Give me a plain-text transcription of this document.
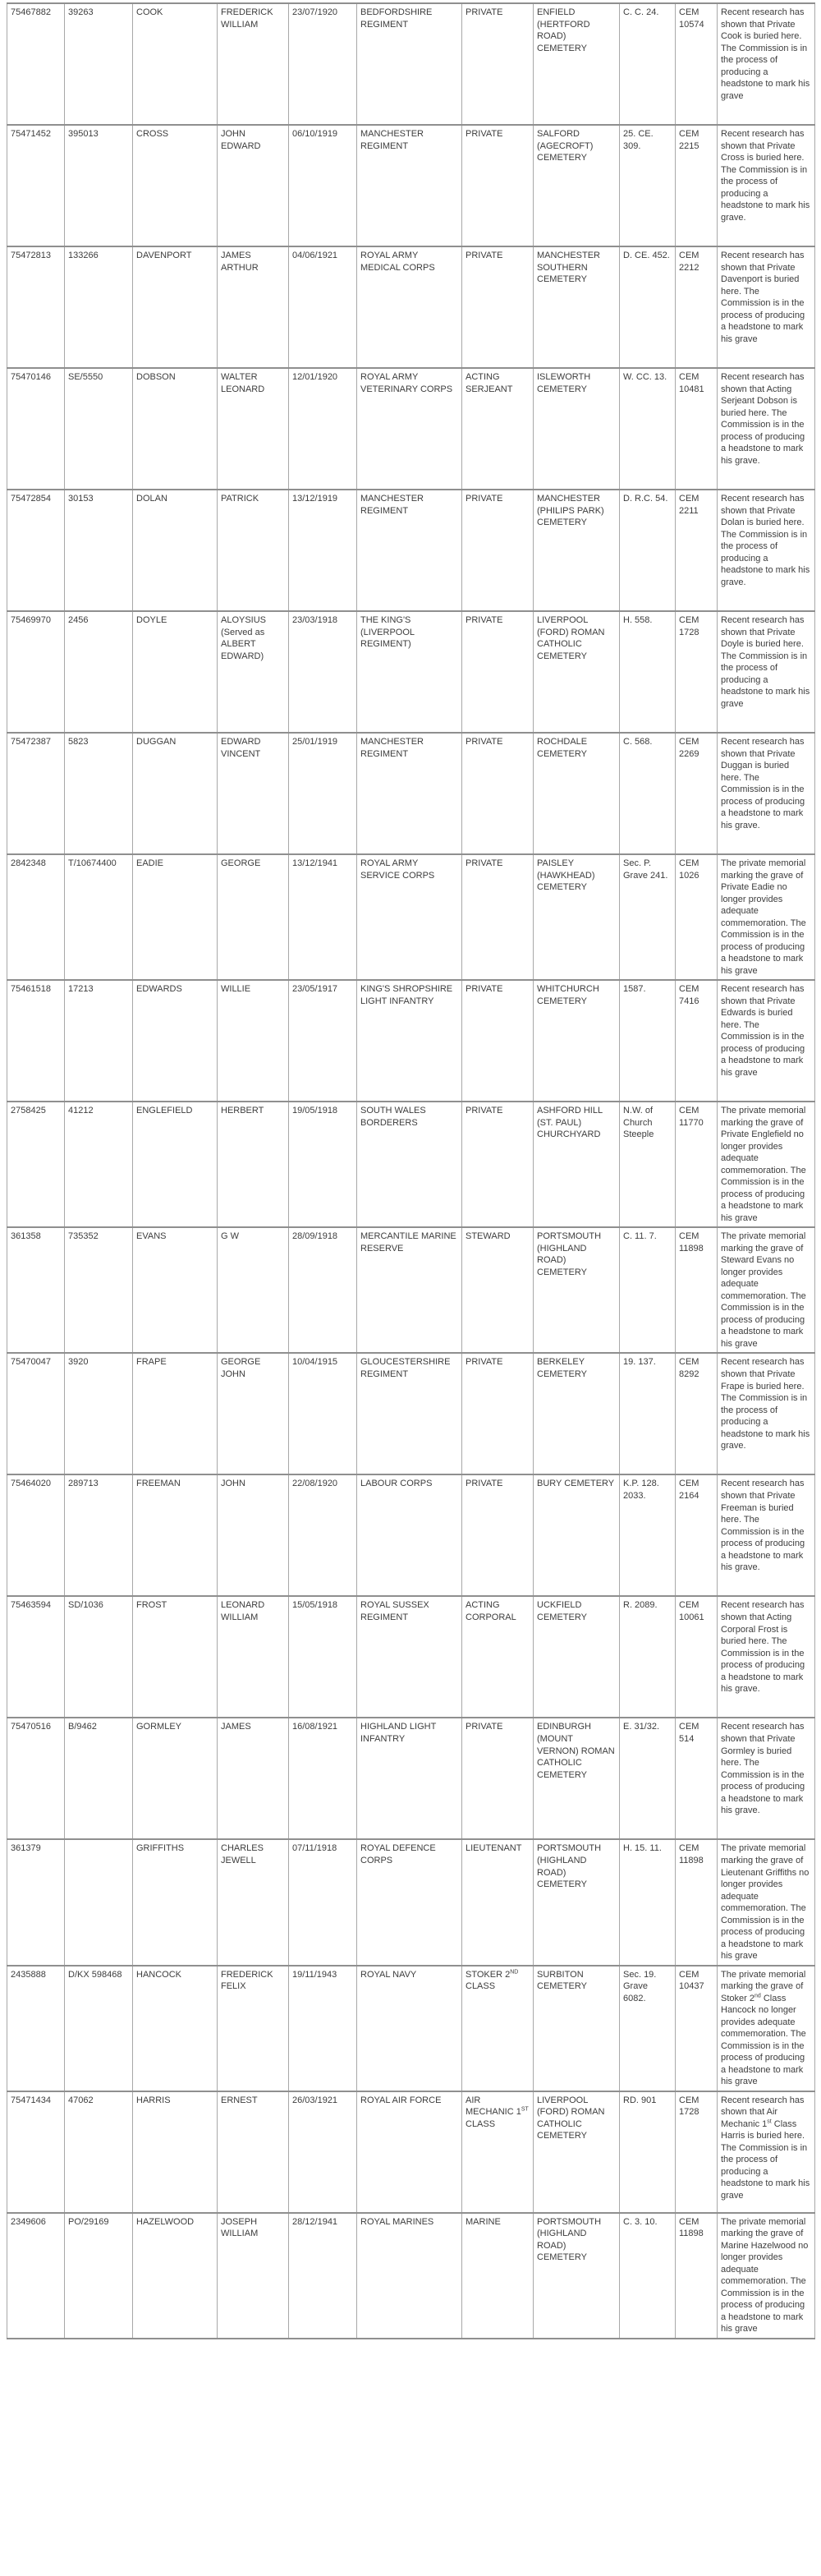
75467882	39263	COOK	FREDERICK WILLIAM	23/07/1920	BEDFORDSHIRE REGIMENT	PRIVATE	ENFIELD (HERTFORD ROAD) CEMETERY	C. C. 24.	CEM 10574	Recent research has shown that Private Cook is buried here. The Commission is in the process of producing a headstone to mark his grave
75471452	395013	CROSS	JOHN EDWARD	06/10/1919	MANCHESTER REGIMENT	PRIVATE	SALFORD (AGECROFT) CEMETERY	25. CE. 309.	CEM 2215	Recent research has shown that Private Cross is buried here. The Commission is in the process of producing a headstone to mark his grave.
75472813	133266	DAVENPORT	JAMES ARTHUR	04/06/1921	ROYAL ARMY MEDICAL CORPS	PRIVATE	MANCHESTER SOUTHERN CEMETERY	D. CE. 452.	CEM 2212	Recent research has shown that Private Davenport is buried here. The Commission is in the process of producing a headstone to mark his grave
75470146	SE/5550	DOBSON	WALTER LEONARD	12/01/1920	ROYAL ARMY VETERINARY CORPS	ACTING SERJEANT	ISLEWORTH CEMETERY	W. CC. 13.	CEM 10481	Recent research has shown that Acting Serjeant Dobson is buried here. The Commission is in the process of producing a headstone to mark his grave.
75472854	30153	DOLAN	PATRICK	13/12/1919	MANCHESTER REGIMENT	PRIVATE	MANCHESTER (PHILIPS PARK) CEMETERY	D. R.C. 54.	CEM 2211	Recent research has shown that Private Dolan is buried here. The Commission is in the process of producing a headstone to mark his grave.
75469970	2456	DOYLE	ALOYSIUS (Served as ALBERT EDWARD)	23/03/1918	THE KING'S (LIVERPOOL REGIMENT)	PRIVATE	LIVERPOOL (FORD) ROMAN CATHOLIC CEMETERY	H. 558.	CEM 1728	Recent research has shown that Private Doyle is buried here. The Commission is in the process of producing a headstone to mark his grave
75472387	5823	DUGGAN	EDWARD VINCENT	25/01/1919	MANCHESTER REGIMENT	PRIVATE	ROCHDALE CEMETERY	C. 568.	CEM 2269	Recent research has shown that Private Duggan is buried here. The Commission is in the process of producing a headstone to mark his grave.
2842348	T/10674400	EADIE	GEORGE	13/12/1941	ROYAL ARMY SERVICE CORPS	PRIVATE	PAISLEY (HAWKHEAD) CEMETERY	Sec. P. Grave 241.	CEM 1026	The private memorial marking the grave of Private Eadie no longer provides adequate commemoration. The Commission is in the process of producing a headstone to mark his grave
75461518	17213	EDWARDS	WILLIE	23/05/1917	KING'S SHROPSHIRE LIGHT INFANTRY	PRIVATE	WHITCHURCH CEMETERY	1587.	CEM 7416	Recent research has shown that Private Edwards is buried here. The Commission is in the process of producing a headstone to mark his grave
2758425	41212	ENGLEFIELD	HERBERT	19/05/1918	SOUTH WALES BORDERERS	PRIVATE	ASHFORD HILL (ST. PAUL) CHURCHYARD	N.W. of Church Steeple	CEM 11770	The private memorial marking the grave of Private Englefield no longer provides adequate commemoration. The Commission is in the process of producing a headstone to mark his grave
361358	735352	EVANS	G W	28/09/1918	MERCANTILE MARINE RESERVE	STEWARD	PORTSMOUTH (HIGHLAND ROAD) CEMETERY	C. 11. 7.	CEM 11898	The private memorial marking the grave of Steward Evans no longer provides adequate commemoration. The Commission is in the process of producing a headstone to mark his grave
75470047	3920	FRAPE	GEORGE JOHN	10/04/1915	GLOUCESTERSHIRE REGIMENT	PRIVATE	BERKELEY CEMETERY	19. 137.	CEM 8292	Recent research has shown that Private Frape is buried here. The Commission is in the process of producing a headstone to mark his grave.
75464020	289713	FREEMAN	JOHN	22/08/1920	LABOUR CORPS	PRIVATE	BURY CEMETERY	K.P. 128. 2033.	CEM 2164	Recent research has shown that Private Freeman is buried here. The Commission is in the process of producing a headstone to mark his grave.
75463594	SD/1036	FROST	LEONARD WILLIAM	15/05/1918	ROYAL SUSSEX REGIMENT	ACTING CORPORAL	UCKFIELD CEMETERY	R. 2089.	CEM 10061	Recent research has shown that Acting Corporal Frost is buried here. The Commission is in the process of producing a headstone to mark his grave.
75470516	B/9462	GORMLEY	JAMES	16/08/1921	HIGHLAND LIGHT INFANTRY	PRIVATE	EDINBURGH (MOUNT VERNON) ROMAN CATHOLIC CEMETERY	E. 31/32.	CEM 514	Recent research has shown that Private Gormley is buried here. The Commission is in the process of producing a headstone to mark his grave.
361379		GRIFFITHS	CHARLES JEWELL	07/11/1918	ROYAL DEFENCE CORPS	LIEUTENANT	PORTSMOUTH (HIGHLAND ROAD) CEMETERY	H. 15. 11.	CEM 11898	The private memorial marking the grave of Lieutenant Griffiths no longer provides adequate commemoration. The Commission is in the process of producing a headstone to mark his grave
2435888	D/KX 598468	HANCOCK	FREDERICK FELIX	19/11/1943	ROYAL NAVY	STOKER 2ND CLASS	SURBITON CEMETERY	Sec. 19. Grave 6082.	CEM 10437	The private memorial marking the grave of Stoker 2nd Class Hancock no longer provides adequate commemoration. The Commission is in the process of producing a headstone to mark his grave
75471434	47062	HARRIS	ERNEST	26/03/1921	ROYAL AIR FORCE	AIR MECHANIC 1ST CLASS	LIVERPOOL (FORD) ROMAN CATHOLIC CEMETERY	RD. 901	CEM 1728	Recent research has shown that Air Mechanic 1st Class Harris is buried here. The Commission is in the process of producing a headstone to mark his grave
2349606	PO/29169	HAZELWOOD	JOSEPH WILLIAM	28/12/1941	ROYAL MARINES	MARINE	PORTSMOUTH (HIGHLAND ROAD) CEMETERY	C. 3. 10.	CEM 11898	The private memorial marking the grave of Marine Hazelwood no longer provides adequate commemoration. The Commission is in the process of producing a headstone to mark his grave
